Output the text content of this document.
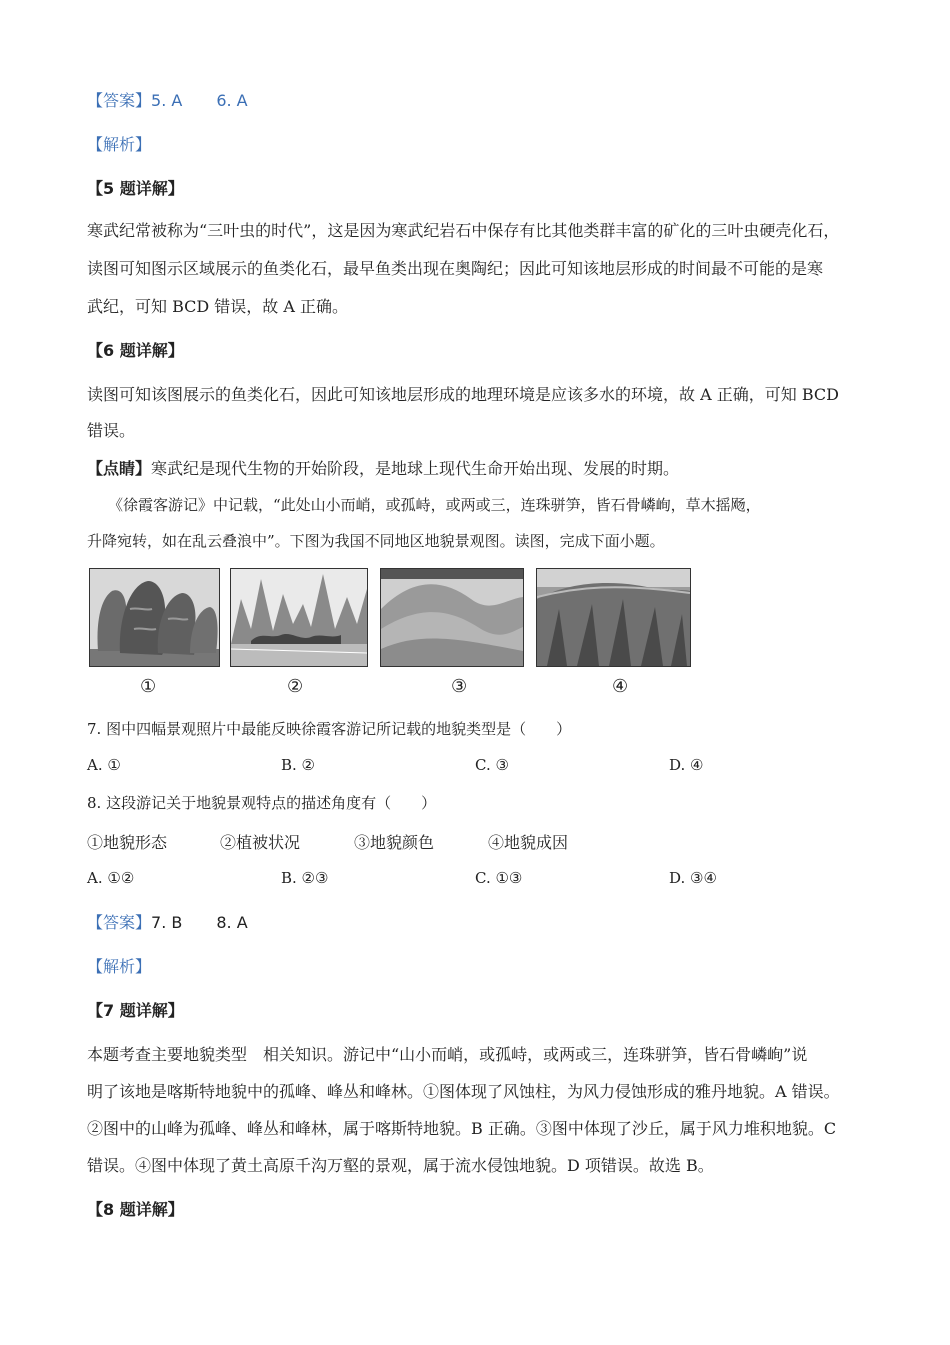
【答案】5. A 6. A
【解析】
【5 题详解】
寒武纪常被称为“三叶虫的时代”，这是因为寒武纪岩石中保存有比其他类群丰富的矿化的三叶虫硬壳化石，
读图可知图示区域展示的鱼类化石，最早鱼类出现在奥陶纪；因此可知该地层形成的时间最不可能的是寒
武纪，可知 BCD 错误，故 A 正确。
【6 题详解】
读图可知该图展示的鱼类化石，因此可知该地层形成的地理环境是应该多水的环境，故 A 正确，可知 BCD
错误。
【点睛】寒武纪是现代生物的开始阶段，是地球上现代生命开始出现、发展的时期。
《徐霞客游记》中记载，“此处山小而峭，或孤峙，或两或三，连珠骈笋，皆石骨嶙峋，草木摇飏，
升降宛转，如在乱云叠浪中”。下图为我国不同地区地貌景观图。读图，完成下面小题。
①	②	③	④
7. 图中四幅景观照片中最能反映徐霞客游记所记载的地貌类型是（　　）
A. ①	B. ②	C. ③	D. ④
8. 这段游记关于地貌景观特点的描述角度有（　　）
①地貌形态	②植被状况	③地貌颜色	④地貌成因
A. ①②	B. ②③	C. ①③	D. ③④
【答案】7. B 8. A
【解析】
【7 题详解】
本题考查主要地貌类型　相关知识。游记中“山小而峭，或孤峙，或两或三，连珠骈笋，皆石骨嶙峋”说
明了该地是喀斯特地貌中的孤峰、峰丛和峰林。①图体现了风蚀柱，为风力侵蚀形成的雅丹地貌。A 错误。
②图中的山峰为孤峰、峰丛和峰林，属于喀斯特地貌。B 正确。③图中体现了沙丘，属于风力堆积地貌。C
错误。④图中体现了黄土高原千沟万壑的景观，属于流水侵蚀地貌。D 项错误。故选 B。
【8 题详解】
